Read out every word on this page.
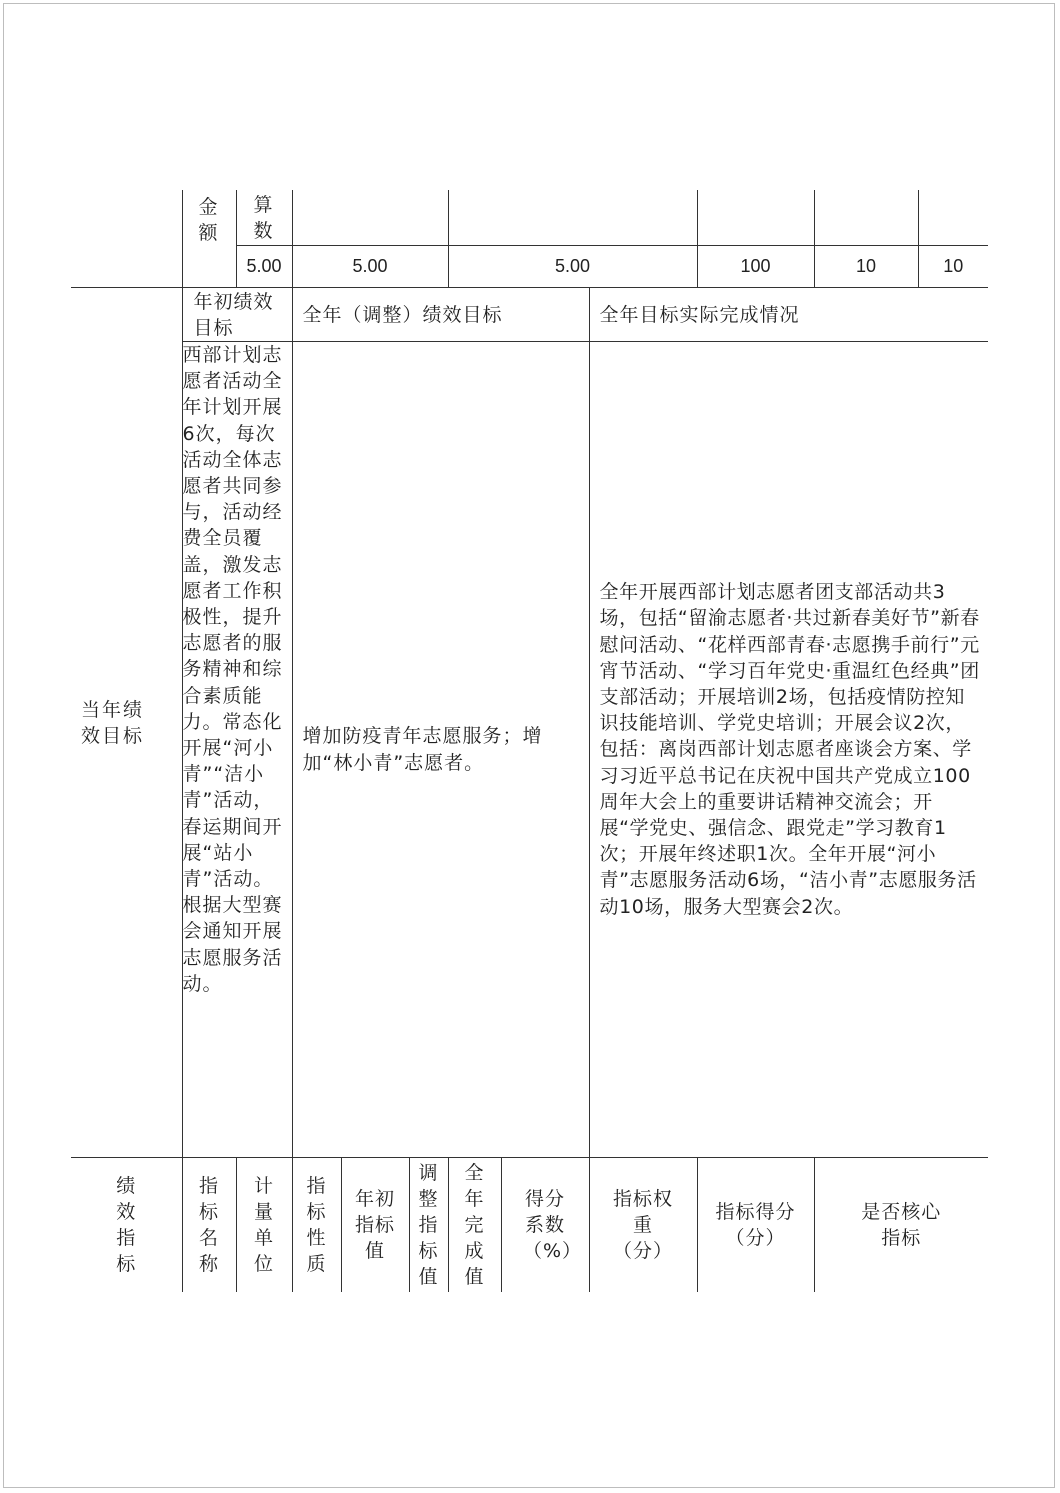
	金额	算数								

		5.00	5.00			5.00			100	10 10

当年绩效目标	年初绩效目标		全年（调整）绩效目标					全年目标实际完成情况		
	西部计划志愿者活动全年计划开展6次，每次活动全体志愿者共同参与，活动经费全员覆盖，激发志愿者工作积极性，提升志愿者的服务精神和综合素质能力。常态化开展“河小青”“洁小青”活动，春运期间开展“站小青”活动。根据大型赛会通知开展志愿服务活动。		增加防疫青年志愿服务；增加“林小青”志愿者。					全年开展西部计划志愿者团支部活动共3场，包括“留渝志愿者·共过新春美好节”新春慰问活动、“花样西部青春·志愿携手前行”元宵节活动、“学习百年党史·重温红色经典”团支部活动；开展培训2场，包括疫情防控知识技能培训、学党史培训；开展会议2次，包括：离岗西部计划志愿者座谈会方案、学习习近平总书记在庆祝中国共产党成立100周年大会上的重要讲话精神交流会；开展“学党史、强信念、跟党走”学习教育1次；开展年终述职1次。全年开展“河小青”志愿服务活动6场，“洁小青”志愿服务活动10场，服务大型赛会2次。		
绩效指标	指标名称	计量单位	指标性质	年初指标值	调整指标值	全年完成值	得分系数（%）	指标权重（分）	指标得分（分）	是否核心指标
